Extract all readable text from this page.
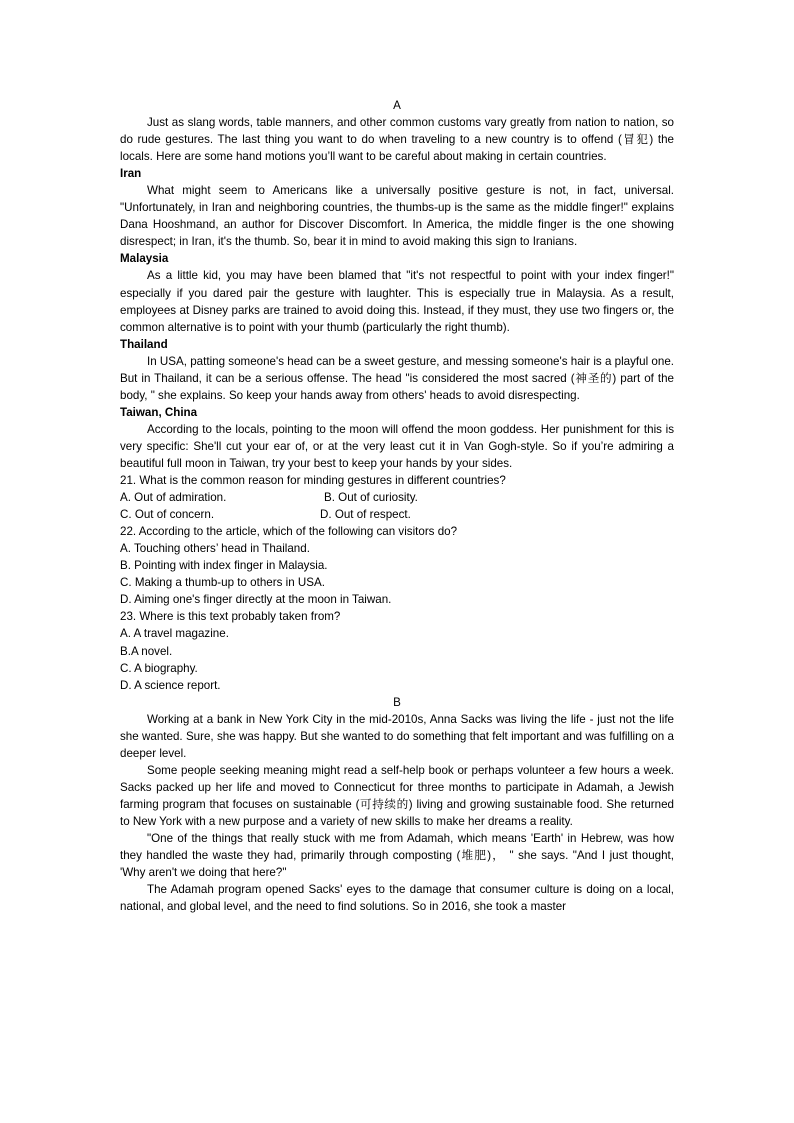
A

Just as slang words, table manners, and other common customs vary greatly from nation to nation, so do rude gestures. The last thing you want to do when traveling to a new country is to offend (冒犯) the locals. Here are some hand motions you’ll want to be careful about making in certain countries.

Iran

What might seem to Americans like a universally positive gesture is not, in fact, universal. "Unfortunately, in Iran and neighboring countries, the thumbs-up is the same as the middle finger!" explains Dana Hooshmand, an author for Discover Discomfort. In America, the middle finger is the one showing disrespect; in Iran, it's the thumb. So, bear it in mind to avoid making this sign to Iranians.

Malaysia

As a little kid, you may have been blamed that "it's not respectful to point with your index finger!" especially if you dared pair the gesture with laughter. This is especially true in Malaysia. As a result, employees at Disney parks are trained to avoid doing this. Instead, if they must, they use two fingers or, the common alternative is to point with your thumb (particularly the right thumb).

Thailand

In USA, patting someone's head can be a sweet gesture, and messing someone's hair is a playful one. But in Thailand, it can be a serious offense. The head "is considered the most sacred (神圣的) part of the body, " she explains. So keep your hands away from others' heads to avoid disrespecting.

Taiwan, China

According to the locals, pointing to the moon will offend the moon goddess. Her punishment for this is very specific: She'll cut your ear of, or at the very least cut it in Van Gogh-style. So if you’re admiring a beautiful full moon in Taiwan, try your best to keep your hands by your sides.

21. What is the common reason for minding gestures in different countries?

A. Out of admiration.	B. Out of curiosity.
C. Out of concern.	D. Out of respect.

22. According to the article, which of the following can visitors do?

A. Touching others’ head in Thailand.

B. Pointing with index finger in Malaysia.

C. Making a thumb-up to others in USA.

D. Aiming one's finger directly at the moon in Taiwan.

23. Where is this text probably taken from?

A. A travel magazine.

B.A novel.

C. A biography.

D. A science report.

B

Working at a bank in New York City in the mid-2010s, Anna Sacks was living the life - just not the life she wanted. Sure, she was happy. But she wanted to do something that felt important and was fulfilling on a deeper level.

Some people seeking meaning might read a self-help book or perhaps volunteer a few hours a week. Sacks packed up her life and moved to Connecticut for three months to participate in Adamah, a Jewish farming program that focuses on sustainable (可持续的) living and growing sustainable food. She returned to New York with a new purpose and a variety of new skills to make her dreams a reality.

"One of the things that really stuck with me from Adamah, which means 'Earth' in Hebrew, was how they handled the waste they had, primarily through composting (堆肥)， " she says. "And I just thought, 'Why aren't we doing that here?"

The Adamah program opened Sacks' eyes to the damage that consumer culture is doing on a local, national, and global level, and the need to find solutions. So in 2016, she took a master
